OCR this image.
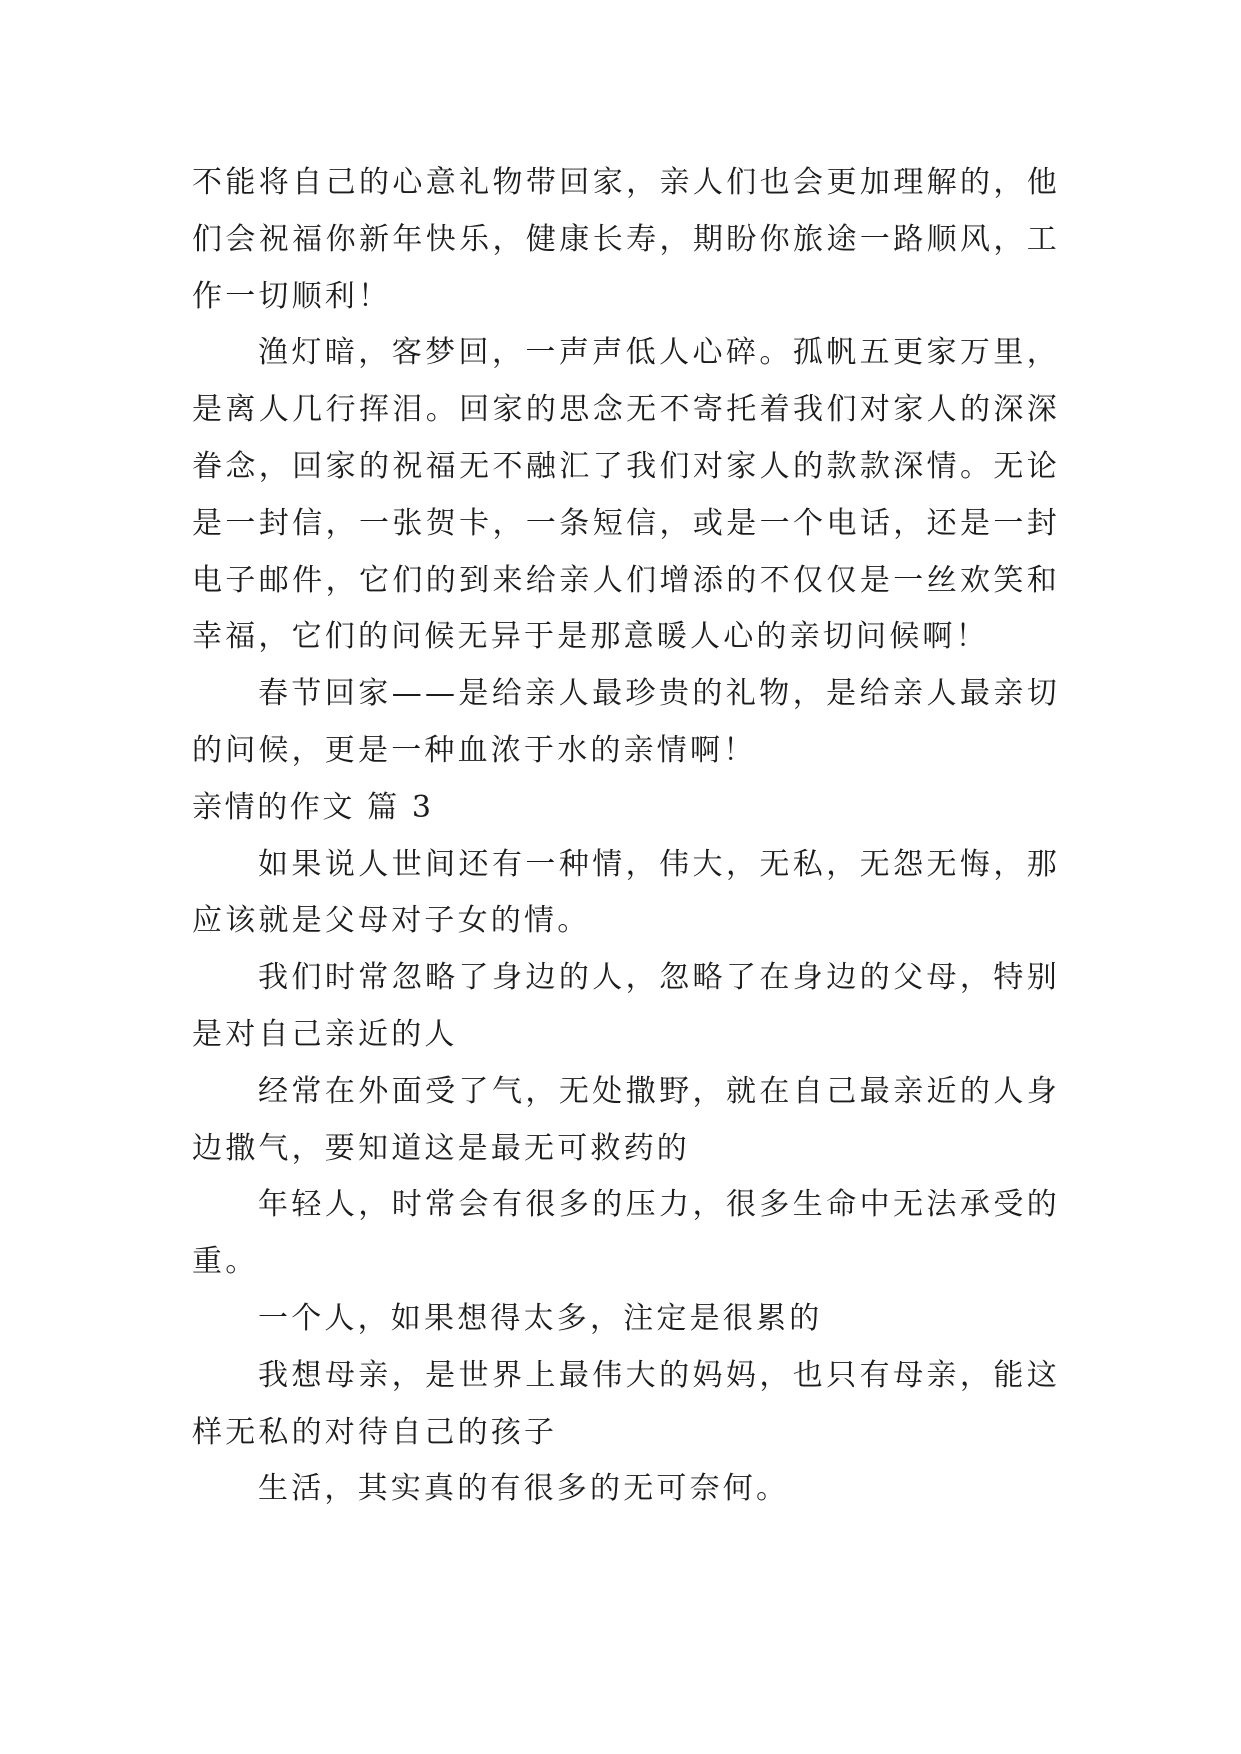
不能将自己的心意礼物带回家，亲人们也会更加理解的，他们会祝福你新年快乐，健康长寿，期盼你旅途一路顺风，工作一切顺利！

渔灯暗，客梦回，一声声低人心碎。孤帆五更家万里，是离人几行挥泪。回家的思念无不寄托着我们对家人的深深眷念，回家的祝福无不融汇了我们对家人的款款深情。无论是一封信，一张贺卡，一条短信，或是一个电话，还是一封电子邮件，它们的到来给亲人们增添的不仅仅是一丝欢笑和幸福，它们的问候无异于是那意暖人心的亲切问候啊！

春节回家——是给亲人最珍贵的礼物，是给亲人最亲切的问候，更是一种血浓于水的亲情啊！

亲情的作文 篇 3

如果说人世间还有一种情，伟大，无私，无怨无悔，那应该就是父母对子女的情。

我们时常忽略了身边的人，忽略了在身边的父母，特别是对自己亲近的人

经常在外面受了气，无处撒野，就在自己最亲近的人身边撒气，要知道这是最无可救药的

年轻人，时常会有很多的压力，很多生命中无法承受的重。

一个人，如果想得太多，注定是很累的

我想母亲，是世界上最伟大的妈妈，也只有母亲，能这样无私的对待自己的孩子

生活，其实真的有很多的无可奈何。
